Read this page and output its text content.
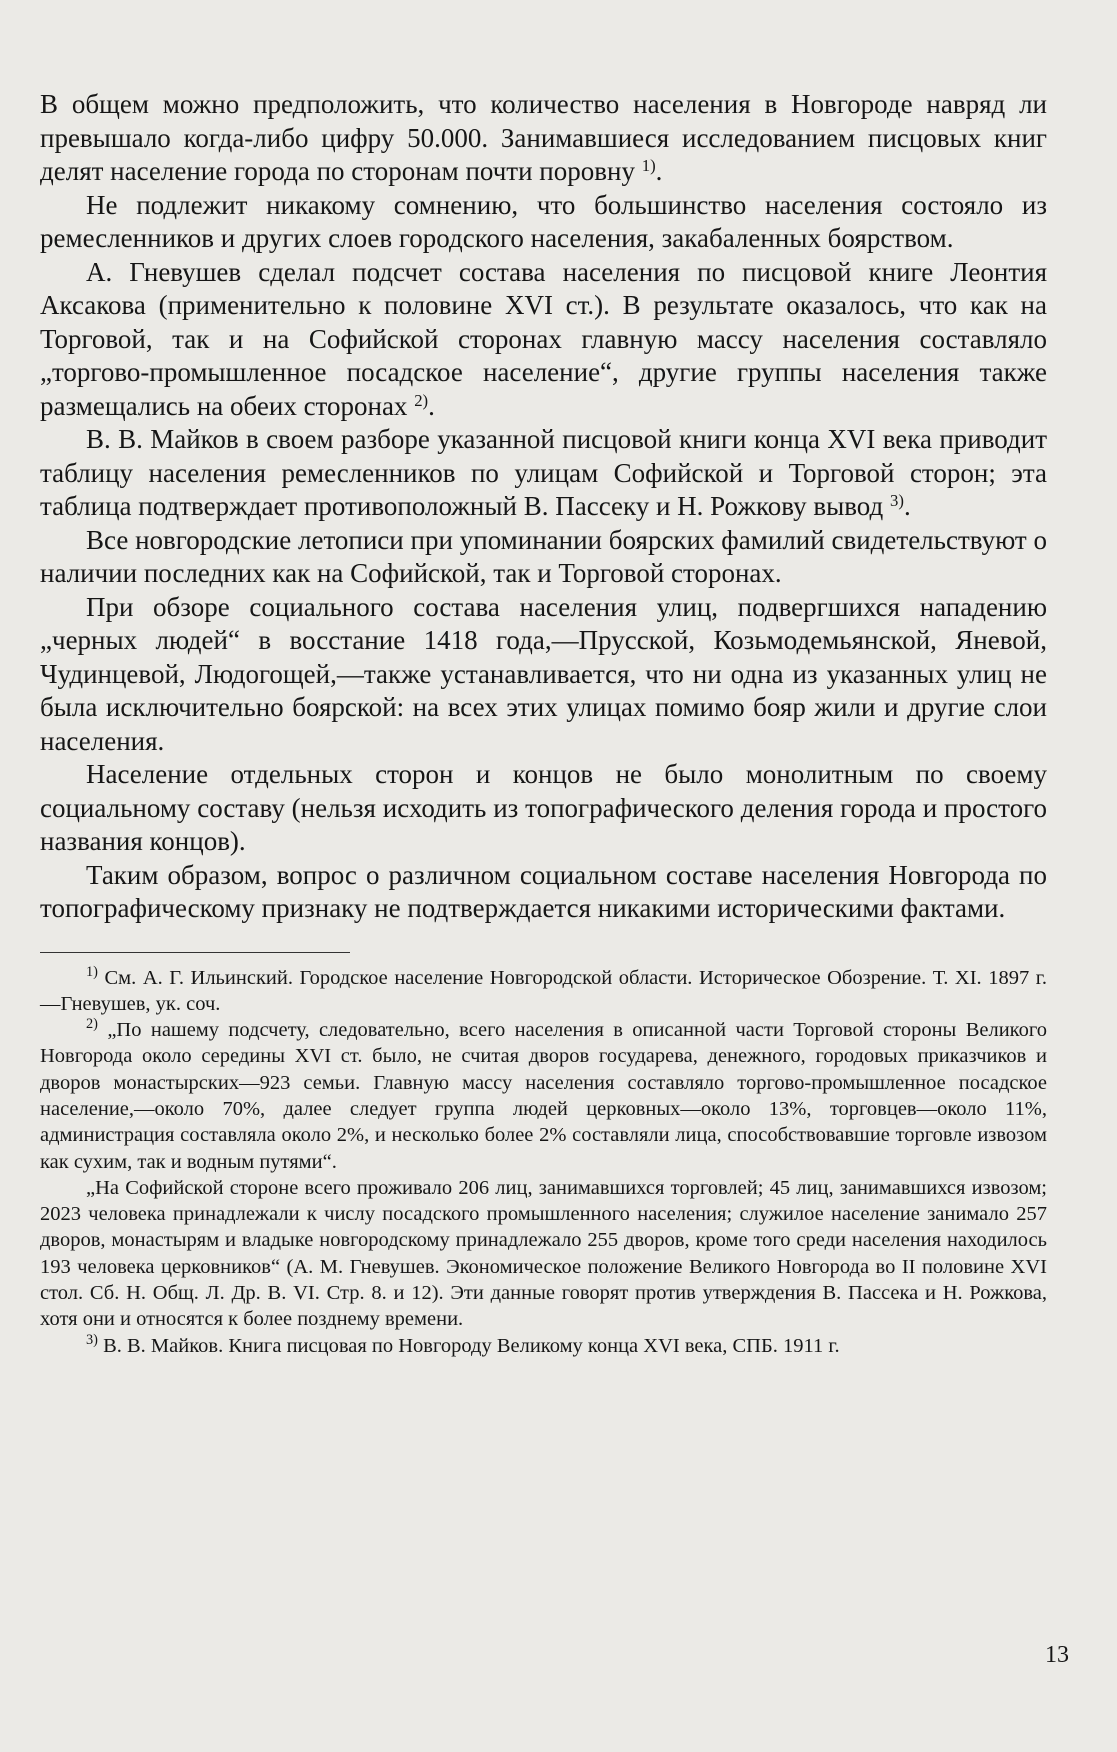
В общем можно предположить, что количество населения в Новгороде навряд ли превышало когда-либо цифру 50.000. Занимавшиеся исследованием писцовых книг делят население города по сторонам почти поровну $^{1)}$.

Не подлежит никакому сомнению, что большинство населения состояло из ремесленников и других слоев городского населения, закабаленных боярством.

А. Гневушев сделал подсчет состава населения по писцовой книге Леонтия Аксакова (применительно к половине XVI ст.). В результате оказалось, что как на Торговой, так и на Софийской сторонах главную массу населения составляло „торгово-промышленное посадское население“, другие группы населения также размещались на обеих сторонах $^{2)}$.

В. В. Майков в своем разборе указанной писцовой книги конца XVI века приводит таблицу населения ремесленников по улицам Софийской и Торговой сторон; эта таблица подтверждает противоположный В. Пассеку и Н. Рожкову вывод $^{3)}$.

Все новгородские летописи при упоминании боярских фамилий свидетельствуют о наличии последних как на Софийской, так и Торговой сторонах.

При обзоре социального состава населения улиц, подвергшихся нападению „черных людей“ в восстание 1418 года,—Прусской, Козьмодемьянской, Яневой, Чудинцевой, Людогощей,—также устанавливается, что ни одна из указанных улиц не была исключительно боярской: на всех этих улицах помимо бояр жили и другие слои населения.

Население отдельных сторон и концов не было монолитным по своему социальному составу (нельзя исходить из топографического деления города и простого названия концов).

Таким образом, вопрос о различном социальном составе населения Новгорода по топографическому признаку не подтверждается никакими историческими фактами.

$^{1)}$ См. А. Г. Ильинский. Городское население Новгородской области. Историческое Обозрение. Т. XI. 1897 г.—Гневушев, ук. соч.

$^{2)}$ „По нашему подсчету, следовательно, всего населения в описанной части Торговой стороны Великого Новгорода около середины XVI ст. было, не считая дворов государева, денежного, городовых приказчиков и дворов монастырских—923 семьи. Главную массу населения составляло торгово-промышленное посадское население,—около 70%, далее следует группа людей церковных—около 13%, торговцев—около 11%, администрация составляла около 2%, и несколько более 2% составляли лица, способствовавшие торговле извозом как сухим, так и водным путями“.

„На Софийской стороне всего проживало 206 лиц, занимавшихся торговлей; 45 лиц, занимавшихся извозом; 2023 человека принадлежали к числу посадского промышленного населения; служилое население занимало 257 дворов, монастырям и владыке новгородскому принадлежало 255 дворов, кроме того среди населения находилось 193 человека церковников“ (А. М. Гневушев. Экономическое положение Великого Новгорода во II половине XVI стол. Сб. Н. Общ. Л. Др. В. VI. Стр. 8. и 12). Эти данные говорят против утверждения В. Пассека и Н. Рожкова, хотя они и относятся к более позднему времени.

$^{3)}$ В. В. Майков. Книга писцовая по Новгороду Великому конца XVI века, СПБ. 1911 г.

13
